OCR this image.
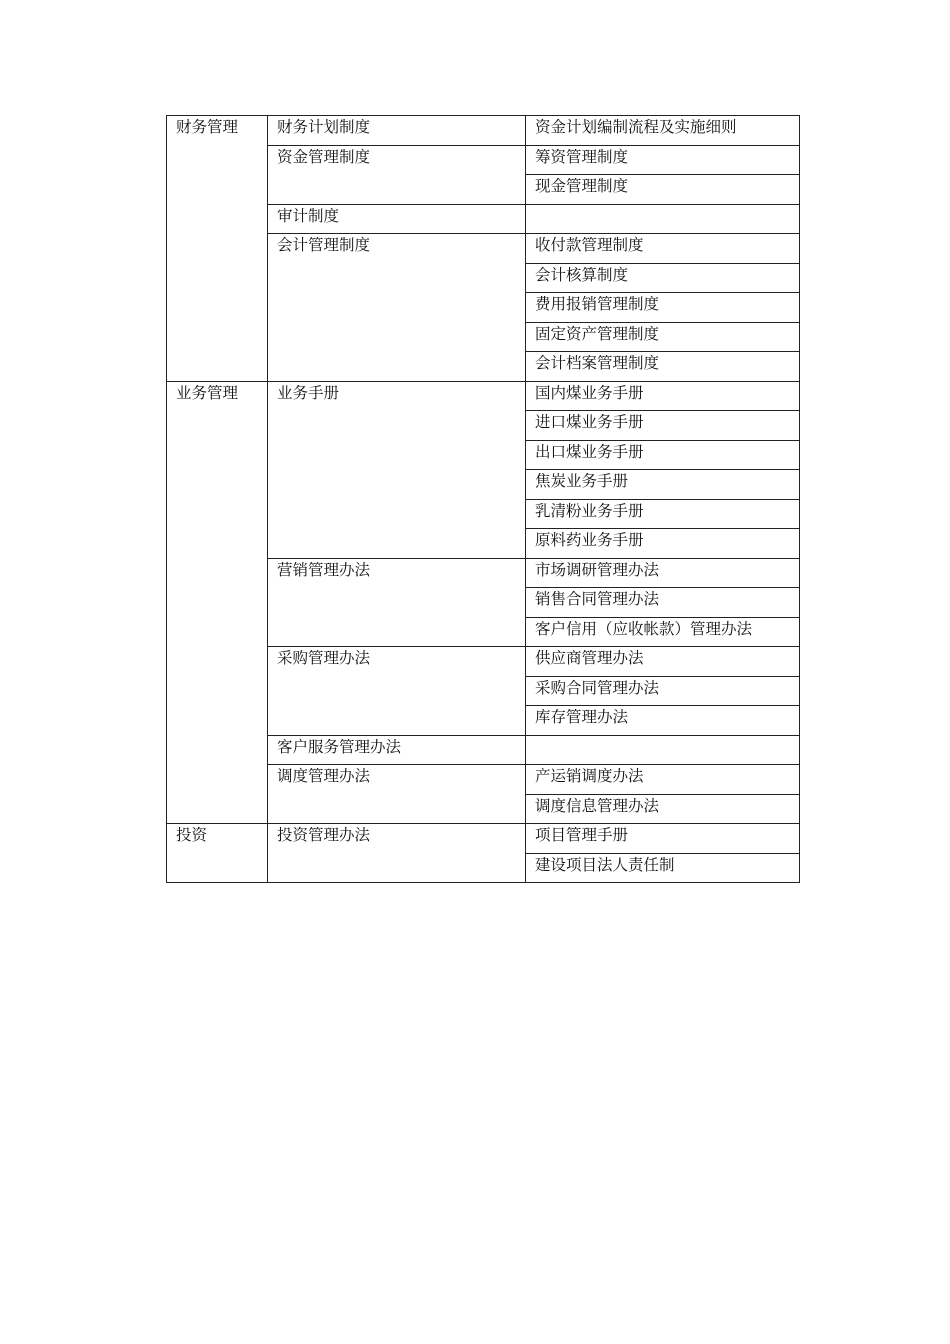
财务管理	财务计划制度	资金计划编制流程及实施细则
	资金管理制度	筹资管理制度
		现金管理制度
	审计制度	
	会计管理制度	收付款管理制度
		会计核算制度
		费用报销管理制度
		固定资产管理制度
		会计档案管理制度
业务管理	业务手册	国内煤业务手册
		进口煤业务手册
		出口煤业务手册
		焦炭业务手册
		乳清粉业务手册
		原料药业务手册
	营销管理办法	市场调研管理办法
		销售合同管理办法
		客户信用（应收帐款）管理办法
	采购管理办法	供应商管理办法
		采购合同管理办法
		库存管理办法
	客户服务管理办法	
	调度管理办法	产运销调度办法
		调度信息管理办法
投资	投资管理办法	项目管理手册
		建设项目法人责任制
